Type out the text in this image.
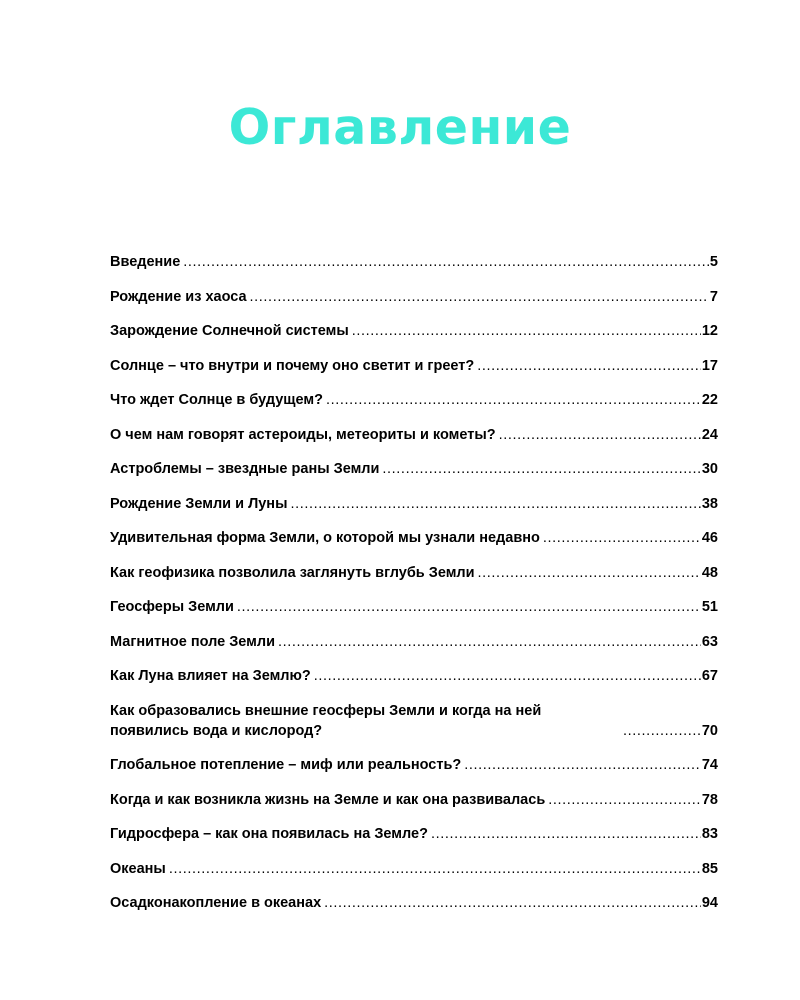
Оглавление
Введение .....	5
Рождение из хаоса .....	7
Зарождение Солнечной системы .....	12
Солнце – что внутри и почему оно светит и греет? .....	17
Что ждет Солнце в будущем? .....	22
О чем нам говорят астероиды, метеориты и кометы? .....	24
Астроблемы – звездные раны Земли .....	30
Рождение Земли и Луны .....	38
Удивительная форма Земли, о которой мы узнали недавно .....	46
Как геофизика позволила заглянуть вглубь Земли .....	48
Геосферы Земли .....	51
Магнитное поле Земли .....	63
Как Луна влияет на Землю? .....	67
Как образовались внешние геосферы Земли и когда на ней появились вода и кислород? .....	70
Глобальное потепление – миф или реальность? .....	74
Когда и как возникла жизнь на Земле и как она развивалась .....	78
Гидросфера – как она появилась на Земле? .....	83
Океаны .....	85
Осадконакопление в океанах .....	94
